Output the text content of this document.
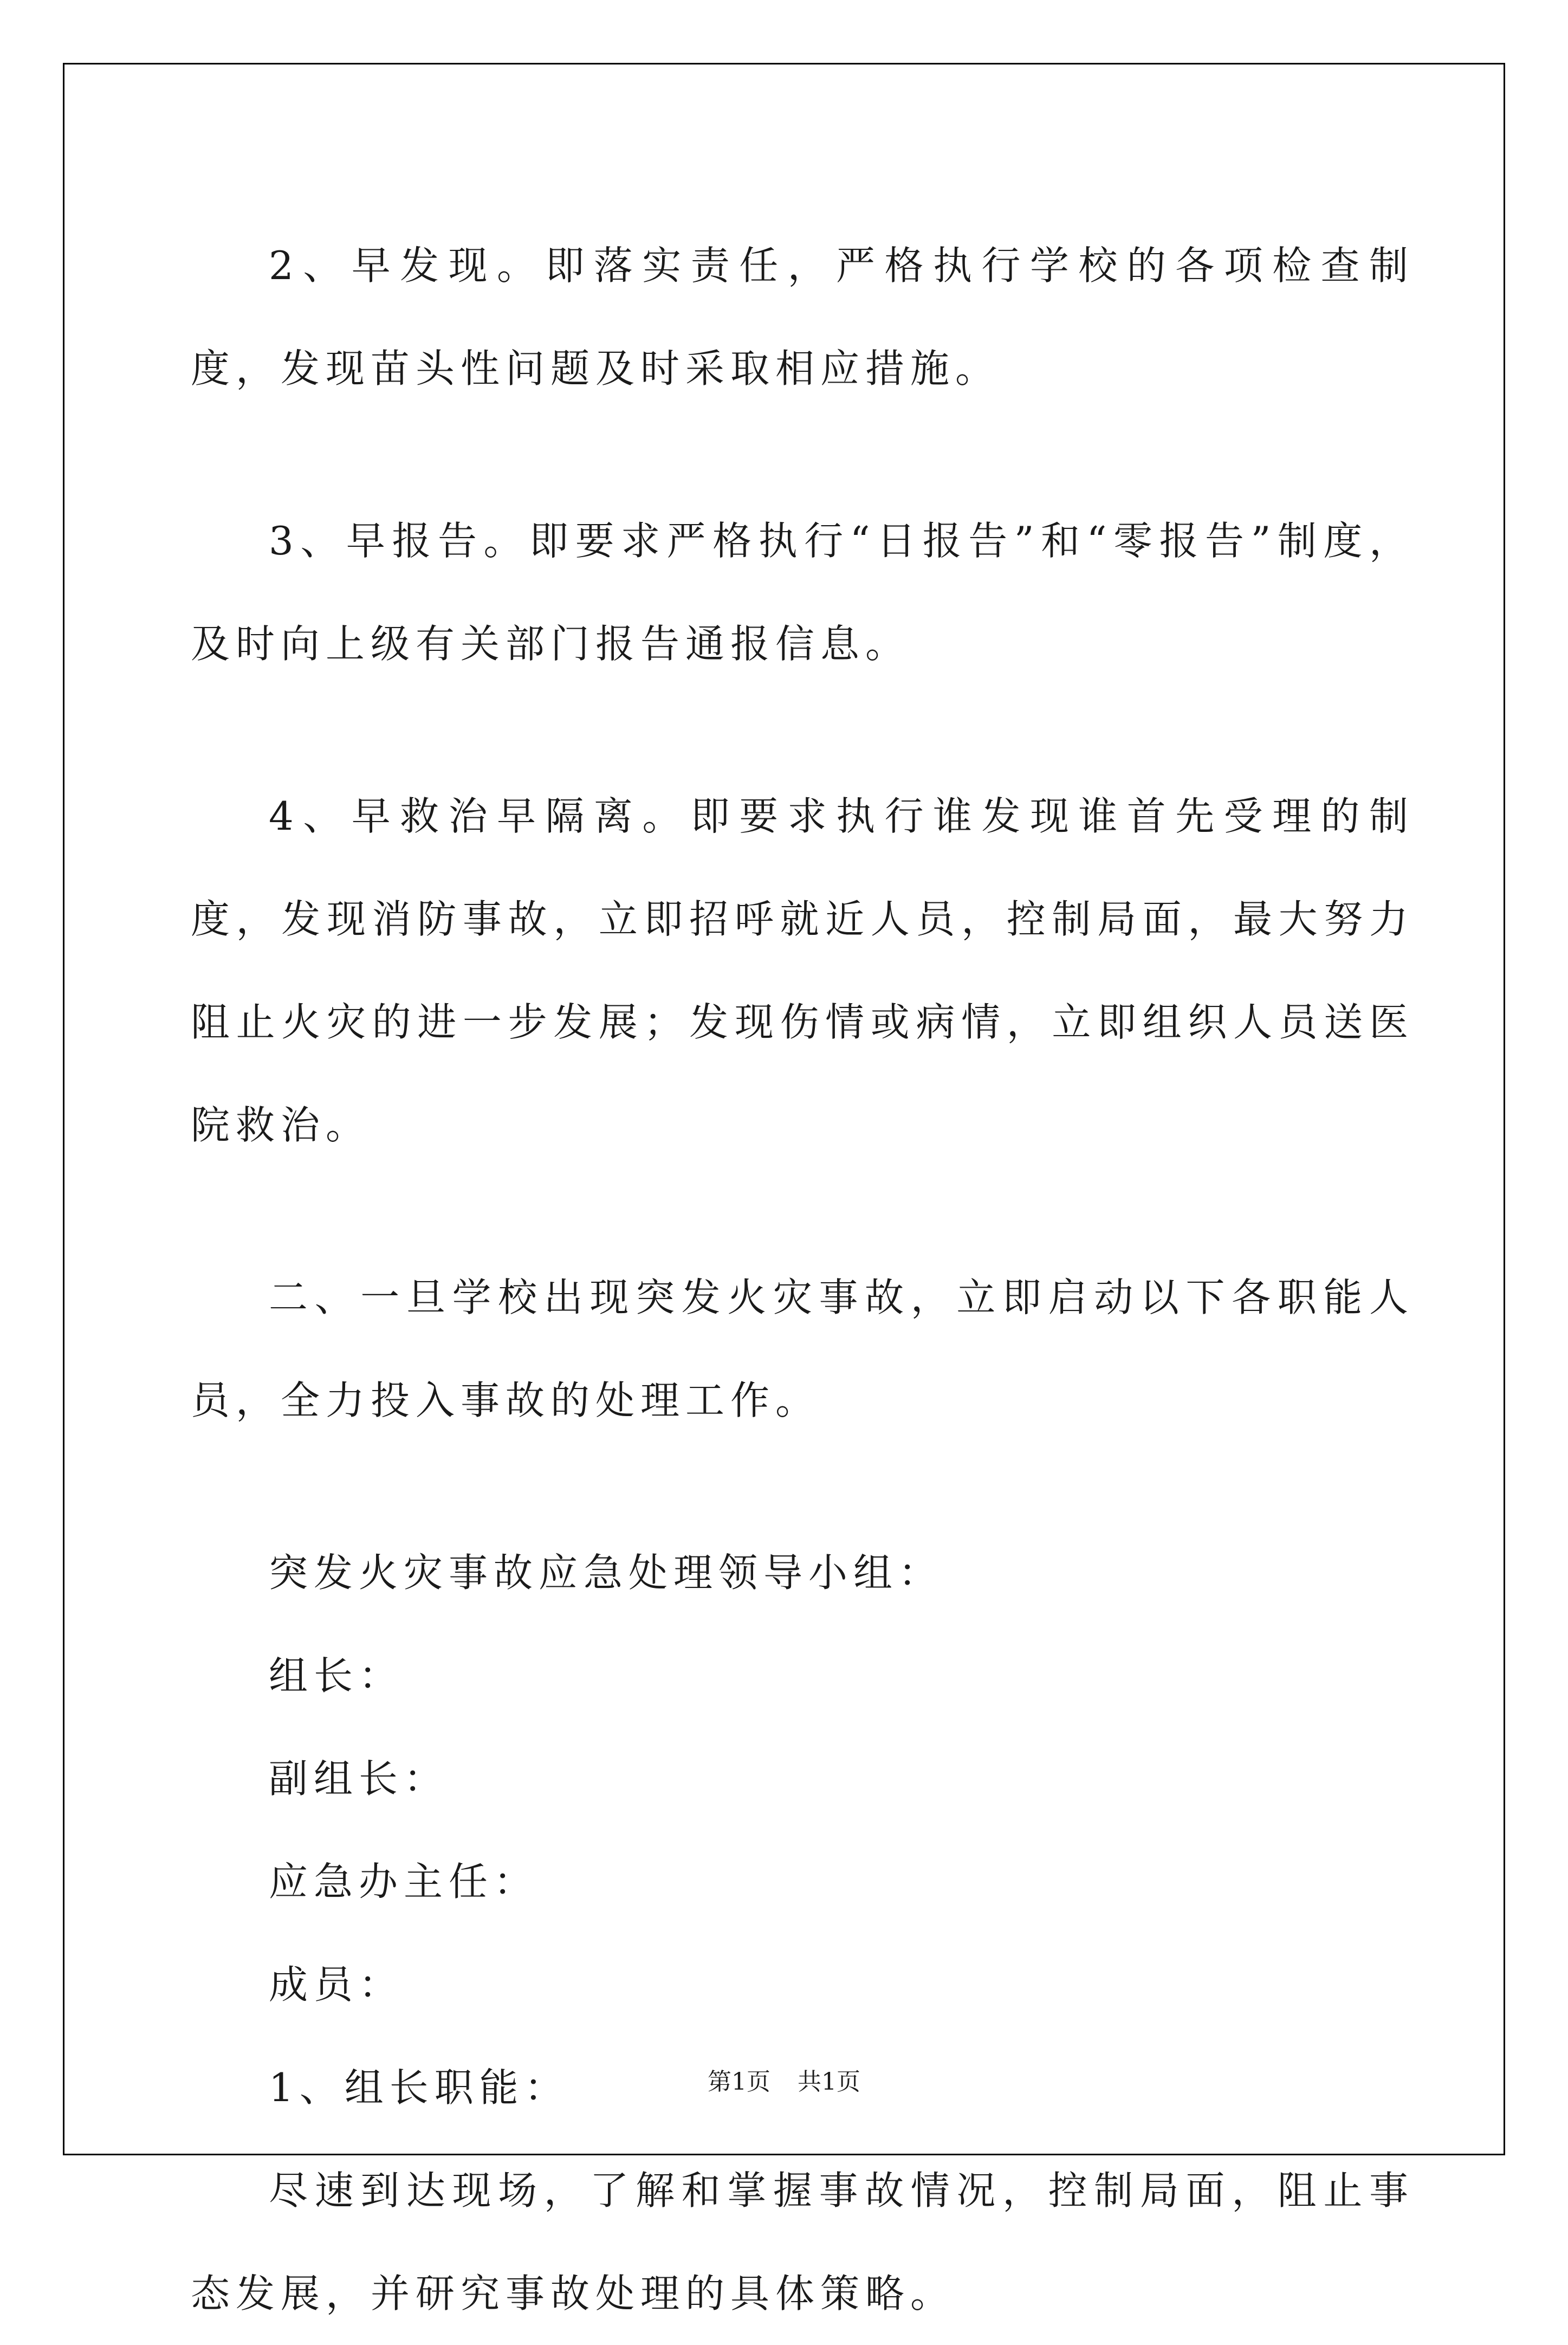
2、早发现。即落实责任，严格执行学校的各项检查制度，发现苗头性问题及时采取相应措施。

3、早报告。即要求严格执行“日报告”和“零报告”制度，及时向上级有关部门报告通报信息。

4、早救治早隔离。即要求执行谁发现谁首先受理的制度，发现消防事故，立即招呼就近人员，控制局面，最大努力阻止火灾的进一步发展；发现伤情或病情，立即组织人员送医院救治。

二、一旦学校出现突发火灾事故，立即启动以下各职能人员，全力投入事故的处理工作。

突发火灾事故应急处理领导小组：

组长：

副组长：

应急办主任：

成员：

1、组长职能：

尽速到达现场，了解和掌握事故情况，控制局面，阻止事态发展，并研究事故处理的具体策略。

第1页 共1页
